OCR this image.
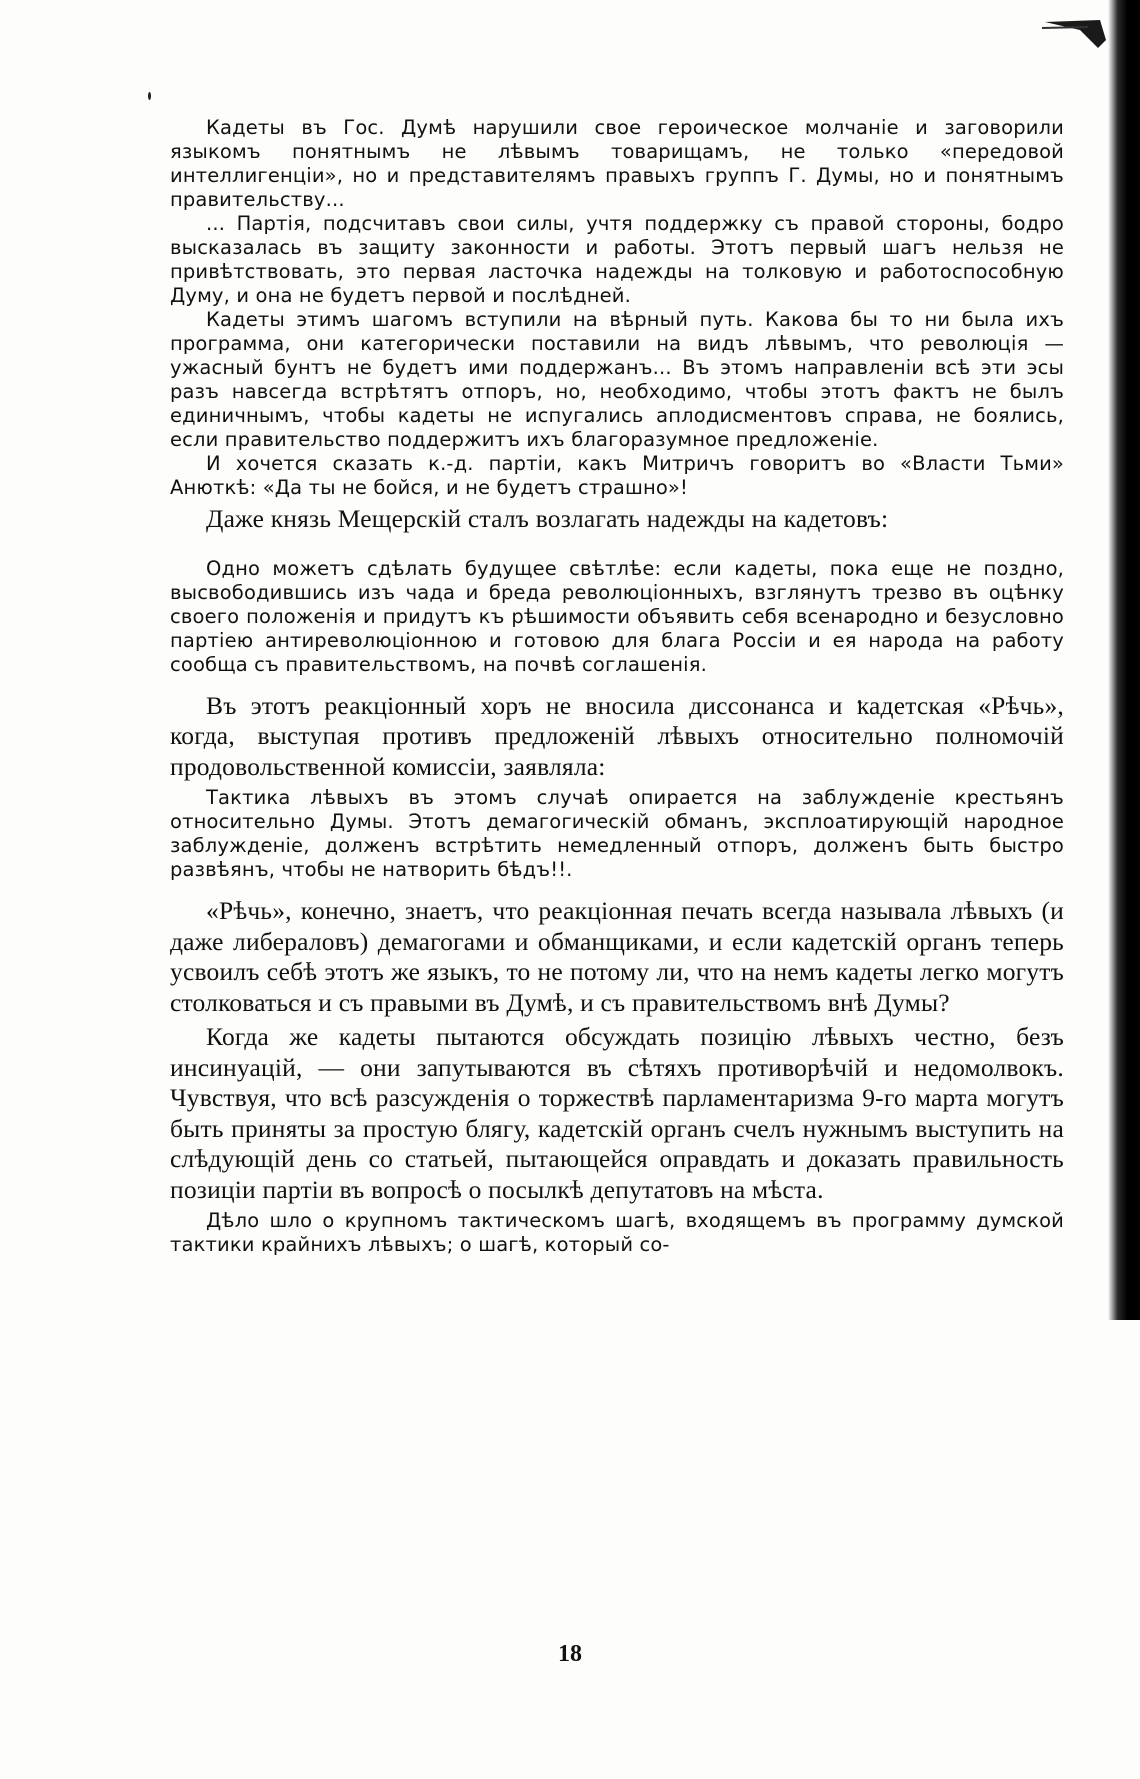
Кадеты въ Гос. Думѣ нарушили свое героическое молчаніе и заговорили языкомъ понятнымъ не лѣвымъ товарищамъ, не только «передовой интеллигенціи», но и представителямъ правыхъ группъ Г. Думы, но и понятнымъ правительству...

... Партія, подсчитавъ свои силы, учтя поддержку съ правой стороны, бодро высказалась въ защиту законности и работы. Этотъ первый шагъ нельзя не привѣтствовать, это первая ласточка надежды на толковую и работоспособную Думу, и она не будетъ первой и послѣдней.

Кадеты этимъ шагомъ вступили на вѣрный путь. Какова бы то ни была ихъ программа, они категорически поставили на видъ лѣвымъ, что революція — ужасный бунтъ не будетъ ими поддержанъ... Въ этомъ направленіи всѣ эти эсы разъ навсегда встрѣтятъ отпоръ, но, необходимо, чтобы этотъ фактъ не былъ единичнымъ, чтобы кадеты не испугались аплодисментовъ справа, не боялись, если правительство поддержитъ ихъ благоразумное предложеніе.

И хочется сказать к.-д. партіи, какъ Митричъ говоритъ во «Власти Тьми» Анюткѣ: «Да ты не бойся, и не будетъ страшно»!

Даже князь Мещерскій сталъ возлагать надежды на кадетовъ:

Одно можетъ сдѣлать будущее свѣтлѣе: если кадеты, пока еще не поздно, высвободившись изъ чада и бреда революціонныхъ, взглянутъ трезво въ оцѣнку своего положенія и придутъ къ рѣшимости объявить себя всенародно и безусловно партіею антиреволюціонною и готовою для блага Россіи и ея народа на работу сообща съ правительствомъ, на почвѣ соглашенія.

Въ этотъ реакціонный хоръ не вносила диссонанса и кадетская «Рѣчь», когда, выступая противъ предложеній лѣвыхъ относительно полномочій продовольственной комиссіи, заявляла:

Тактика лѣвыхъ въ этомъ случаѣ опирается на заблужденіе крестьянъ относительно Думы. Этотъ демагогическій обманъ, эксплоатирующій народное заблужденіе, долженъ встрѣтить немедленный отпоръ, долженъ быть быстро развѣянъ, чтобы не натворить бѣдъ!!.

«Рѣчь», конечно, знаетъ, что реакціонная печать всегда называла лѣвыхъ (и даже либераловъ) демагогами и обманщиками, и если кадетскій органъ теперь усвоилъ себѣ этотъ же языкъ, то не потому ли, что на немъ кадеты легко могутъ столковаться и съ правыми въ Думѣ, и съ правительствомъ внѣ Думы?

Когда же кадеты пытаются обсуждать позицію лѣвыхъ честно, безъ инсинуацій, — они запутываются въ сѣтяхъ противорѣчій и недомолвокъ. Чувствуя, что всѣ разсужденія о торжествѣ парламентаризма 9-го марта могутъ быть приняты за простую блягу, кадетскій органъ счелъ нужнымъ выступить на слѣдующій день со статьей, пытающейся оправдать и доказать правильность позиціи партіи въ вопросѣ о посылкѣ депутатовъ на мѣста.

Дѣло шло о крупномъ тактическомъ шагѣ, входящемъ въ программу думской тактики крайнихъ лѣвыхъ; о шагѣ, который со-

18
